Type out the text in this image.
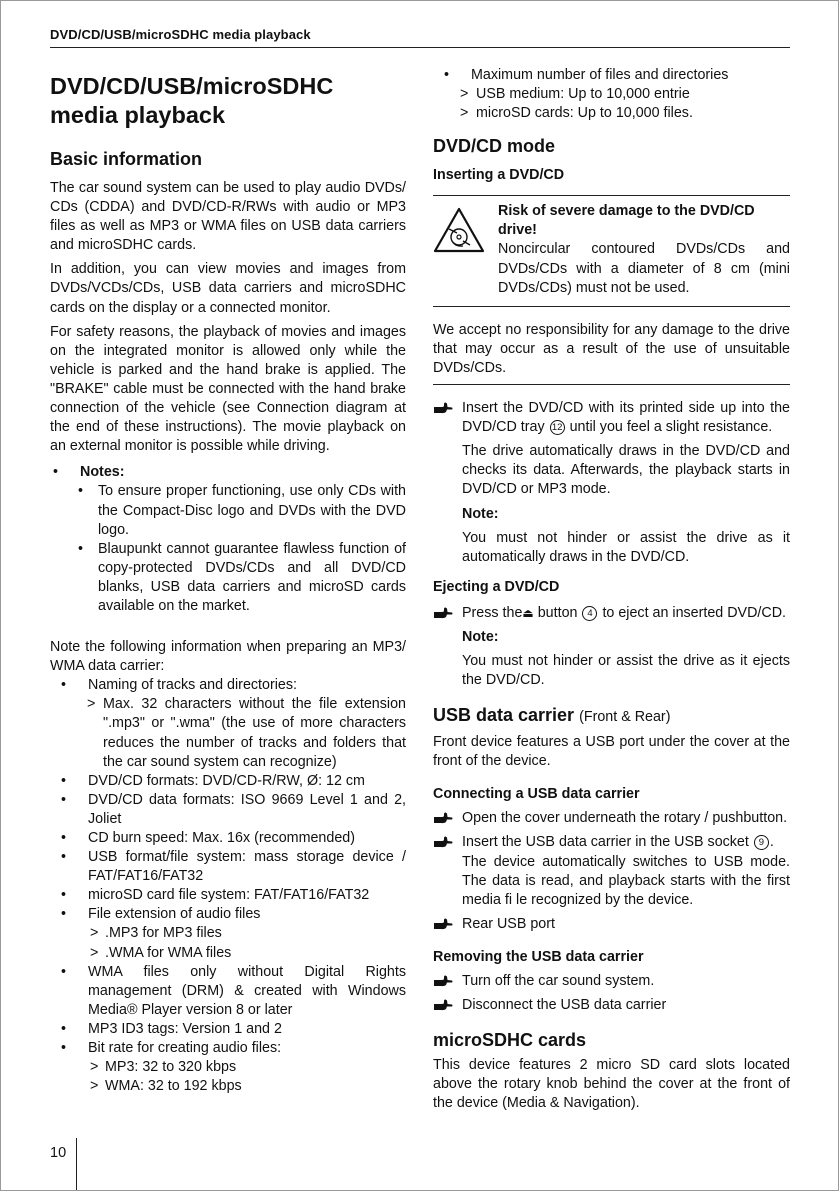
DVD/CD/USB/microSDHC media playback
DVD/CD/USB/microSDHC media playback
Basic information

The car sound system can be used to play audio DVDs/ CDs (CDDA) and DVD/CD-R/RWs with audio or MP3 files as well as MP3 or WMA files on USB data carriers and microSDHC cards.

In addition, you can view movies and images from DVDs/VCDs/CDs, USB data carriers and microSDHC cards on the display or a connected monitor.

For safety reasons, the playback of movies and images on the integrated monitor is allowed only while the vehicle is parked and the hand brake is applied. The "BRAKE" cable must be connected with the hand brake connection of the vehicle (see Connection diagram at the end of these instructions). The movie playback on an external monitor is possible while driving.

• Notes:
• To ensure proper functioning, use only CDs with the Compact-Disc logo and DVDs with the DVD logo.
• Blaupunkt cannot guarantee flawless function of copy-protected DVDs/CDs and all DVD/CD blanks, USB data carriers and microSD cards available on the market.

Note the following information when preparing an MP3/ WMA data carrier:

• Naming of tracks and directories:
> Max. 32 characters without the file extension ".mp3" or ".wma" (the use of more characters reduces the number of tracks and folders that the car sound system can recognize)
• DVD/CD formats: DVD/CD-R/RW, Ø: 12 cm
• DVD/CD data formats: ISO 9669 Level 1 and 2, Joliet
• CD burn speed: Max. 16x (recommended)
• USB format/file system: mass storage device / FAT/FAT16/FAT32
• microSD card file system: FAT/FAT16/FAT32
• File extension of audio files
> .MP3 for MP3 files
> .WMA for WMA files
• WMA files only without Digital Rights management (DRM) & created with Windows Media® Player version 8 or later
• MP3 ID3 tags: Version 1 and 2
• Bit rate for creating audio files:
> MP3: 32 to 320 kbps
> WMA: 32 to 192 kbps
• Maximum number of files and directories
> USB medium: Up to 10,000 entrie
> microSD cards: Up to 10,000 files.
DVD/CD mode
Inserting a DVD/CD
Risk of severe damage to the DVD/CD drive!

Noncircular contoured DVDs/CDs and DVDs/CDs with a diameter of 8 cm (mini DVDs/CDs) must not be used.

We accept no responsibility for any damage to the drive that may occur as a result of the use of unsuitable DVDs/CDs.

Insert the DVD/CD with its printed side up into the DVD/CD tray 12 until you feel a slight resistance.

The drive automatically draws in the DVD/CD and checks its data. Afterwards, the playback starts in DVD/CD or MP3 mode.

Note:

You must not hinder or assist the drive as it automatically draws in the DVD/CD.

Ejecting a DVD/CD

Press the⏏ button 4 to eject an inserted DVD/CD.

Note:

You must not hinder or assist the drive as it ejects the DVD/CD.

USB data carrier (Front & Rear)

Front device features a USB port under the cover at the front of the device.

Connecting a USB data carrier

Open the cover underneath the rotary / pushbutton.

Insert the USB data carrier in the USB socket 9 .

The device automatically switches to USB mode. The data is read, and playback starts with the first media fi le recognized by the device.

Rear USB port

Removing the USB data carrier

Turn off the car sound system.

Disconnect the USB data carrier

microSDHC cards

This device features 2 micro SD card slots located above the rotary knob behind the cover at the front of the device (Media & Navigation).

10
